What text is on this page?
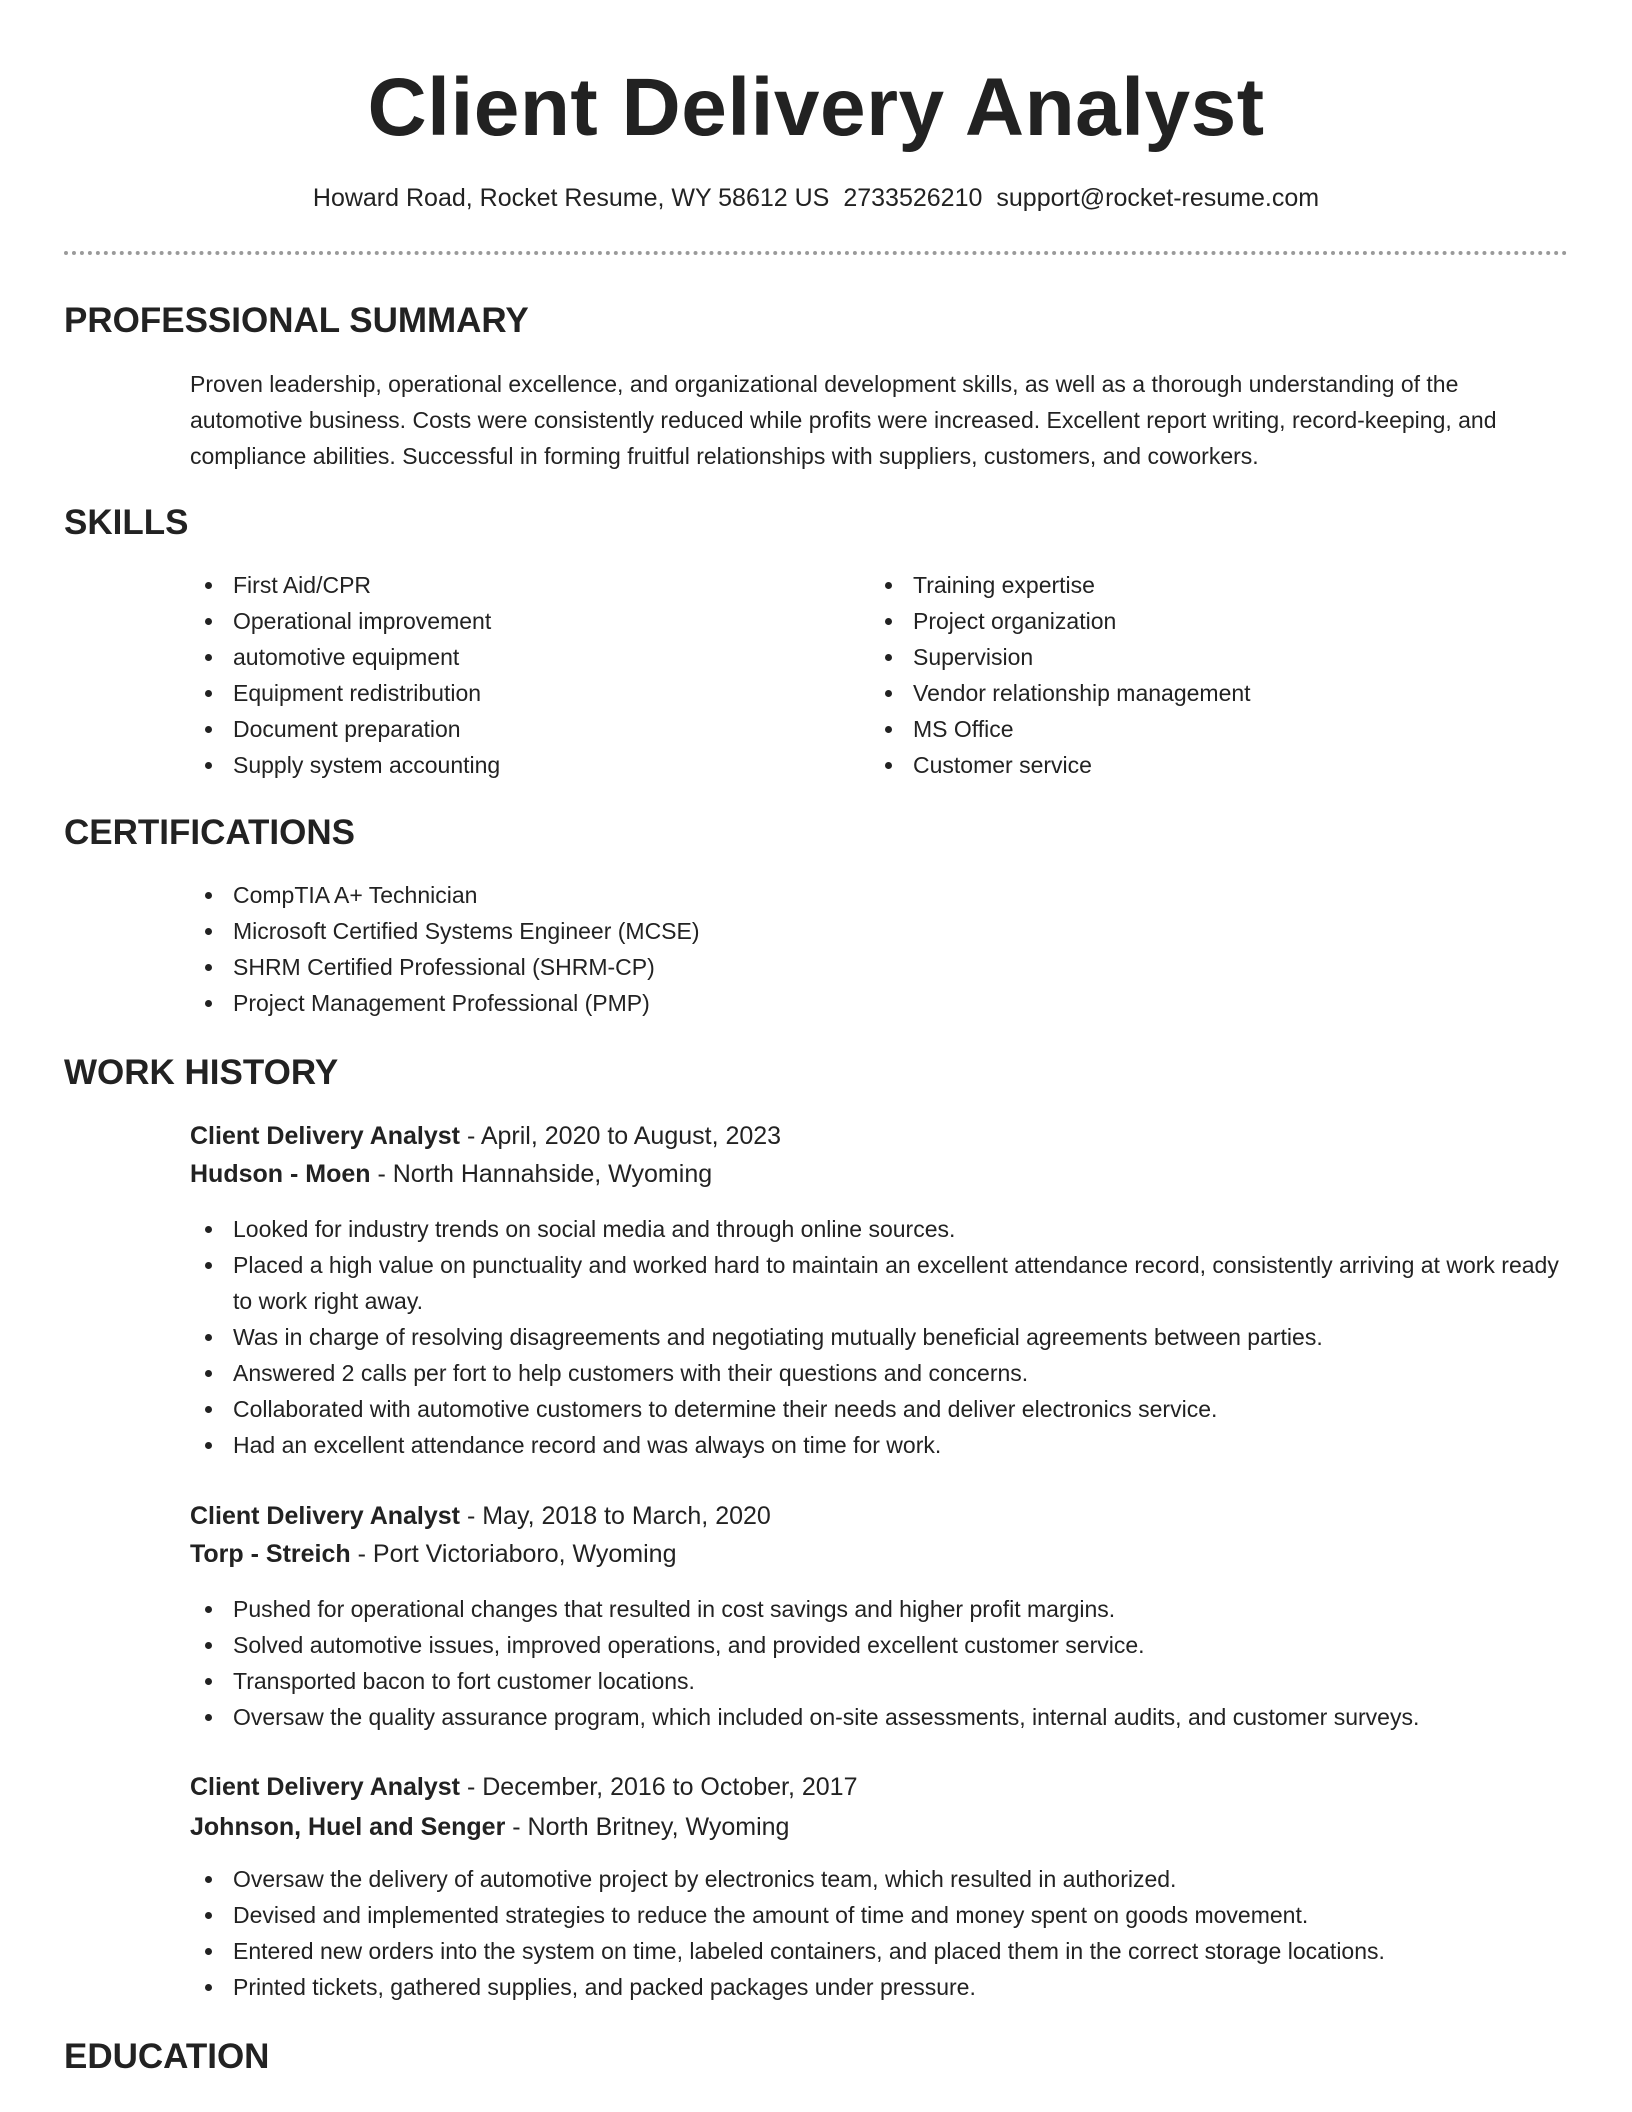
Client Delivery Analyst
Howard Road, Rocket Resume, WY 58612 US 2733526210 support@rocket-resume.com
PROFESSIONAL SUMMARY

Proven leadership, operational excellence, and organizational development skills, as well as a thorough understanding of the automotive business. Costs were consistently reduced while profits were increased. Excellent report writing, record-keeping, and compliance abilities. Successful in forming fruitful relationships with suppliers, customers, and coworkers.

SKILLS
First Aid/CPR
Operational improvement
automotive equipment
Equipment redistribution
Document preparation
Supply system accounting
Training expertise
Project organization
Supervision
Vendor relationship management
MS Office
Customer service
CERTIFICATIONS
CompTIA A+ Technician
Microsoft Certified Systems Engineer (MCSE)
SHRM Certified Professional (SHRM-CP)
Project Management Professional (PMP)
WORK HISTORY
Client Delivery Analyst - April, 2020 to August, 2023
Hudson - Moen - North Hannahside, Wyoming
Looked for industry trends on social media and through online sources.
Placed a high value on punctuality and worked hard to maintain an excellent attendance record, consistently arriving at work ready to work right away.
Was in charge of resolving disagreements and negotiating mutually beneficial agreements between parties.
Answered 2 calls per fort to help customers with their questions and concerns.
Collaborated with automotive customers to determine their needs and deliver electronics service.
Had an excellent attendance record and was always on time for work.
Client Delivery Analyst - May, 2018 to March, 2020
Torp - Streich - Port Victoriaboro, Wyoming
Pushed for operational changes that resulted in cost savings and higher profit margins.
Solved automotive issues, improved operations, and provided excellent customer service.
Transported bacon to fort customer locations.
Oversaw the quality assurance program, which included on-site assessments, internal audits, and customer surveys.
Client Delivery Analyst - December, 2016 to October, 2017
Johnson, Huel and Senger - North Britney, Wyoming
Oversaw the delivery of automotive project by electronics team, which resulted in authorized.
Devised and implemented strategies to reduce the amount of time and money spent on goods movement.
Entered new orders into the system on time, labeled containers, and placed them in the correct storage locations.
Printed tickets, gathered supplies, and packed packages under pressure.
EDUCATION
